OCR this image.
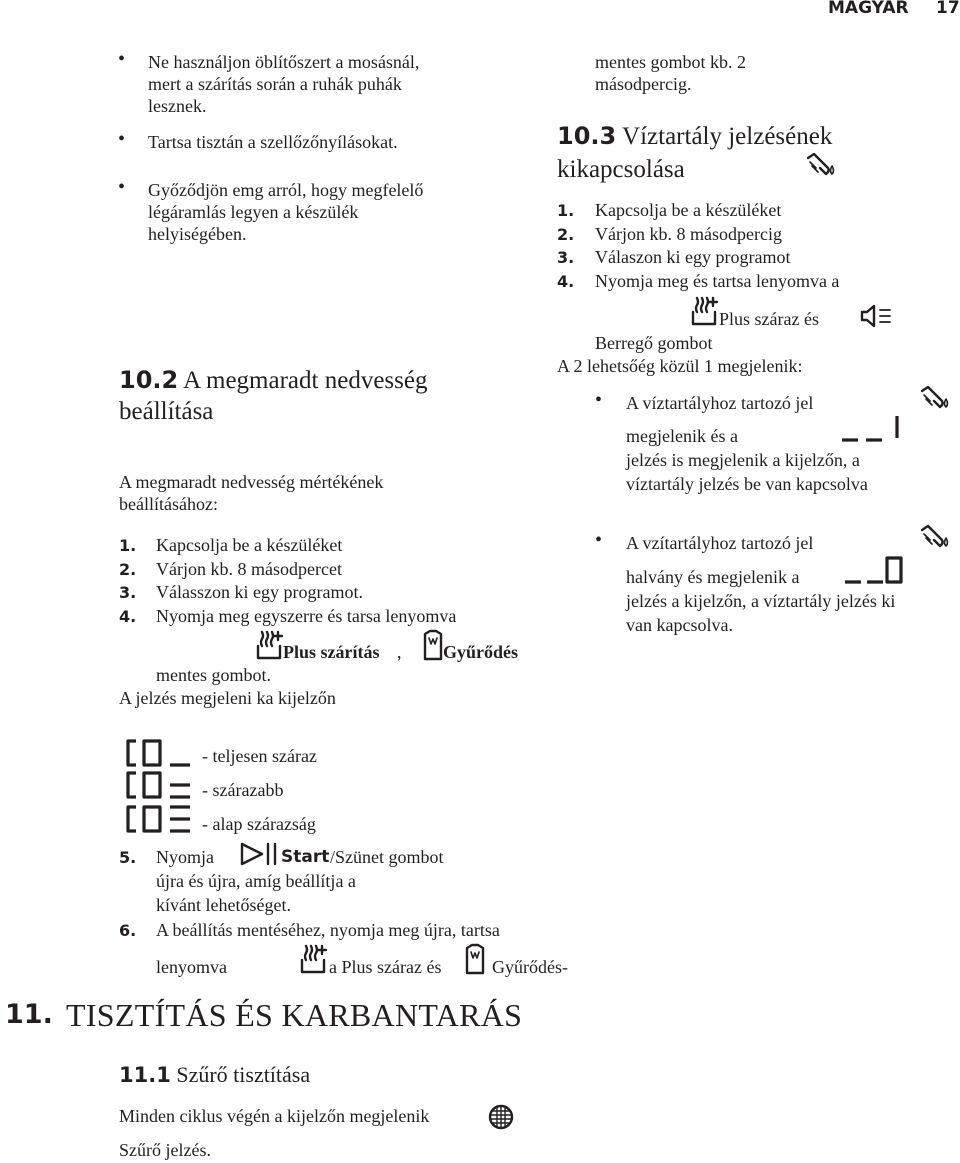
MAGYAR 17
• Ne használjon öblítőszert a mosásnál,
mert a szárítás során a ruhák puhák
lesznek.
• Tartsa tisztán a szellőzőnyílásokat.
• Győződjön emg arról, hogy megfelelő
légáramlás legyen a készülék
helyiségében.
10.2 A megmaradt nedvesség
beállítása
A megmaradt nedvesség mértékének
beállításához:
1. Kapcsolja be a készüléket
2. Várjon kb. 8 másodpercet
3. Válasszon ki egy programot.
4. Nyomja meg egyszerre és tarsa lenyomva
Plus szárítás , Gyűrődés
mentes gombot.
A jelzés megjeleni ka kijelzőn
- teljesen száraz
- szárazabb
- alap szárazság
5. Nyomja	Start /Szünet gombot
újra és újra, amíg beállítja a
kívánt lehetőséget.
6. A beállítás mentéséhez, nyomja meg újra, tartsa
lenyomva	a Plus száraz és	Gyűrődés-
11. TISZTÍTÁS ÉS KARBANTARÁS
11.1 Szűrő tisztítása
Minden ciklus végén a kijelzőn megjelenik
Szűrő jelzés.
mentes gombot kb. 2
másodpercig.
10.3 Víztartály jelzésének
kikapcsolása
1. Kapcsolja be a készüléket
2. Várjon kb. 8 másodpercig
3. Válaszon ki egy programot
4. Nyomja meg és tartsa lenyomva a
Plus száraz és
Berregő gombot
A 2 lehetsőég közül 1 megjelenik:
• A víztartályhoz tartozó jel
megjelenik és a
jelzés is megjelenik a kijelzőn, a
víztartály jelzés be van kapcsolva
• A vzítartályhoz tartozó jel
halvány és megjelenik a
jelzés a kijelzőn, a víztartály jelzés ki
van kapcsolva.
